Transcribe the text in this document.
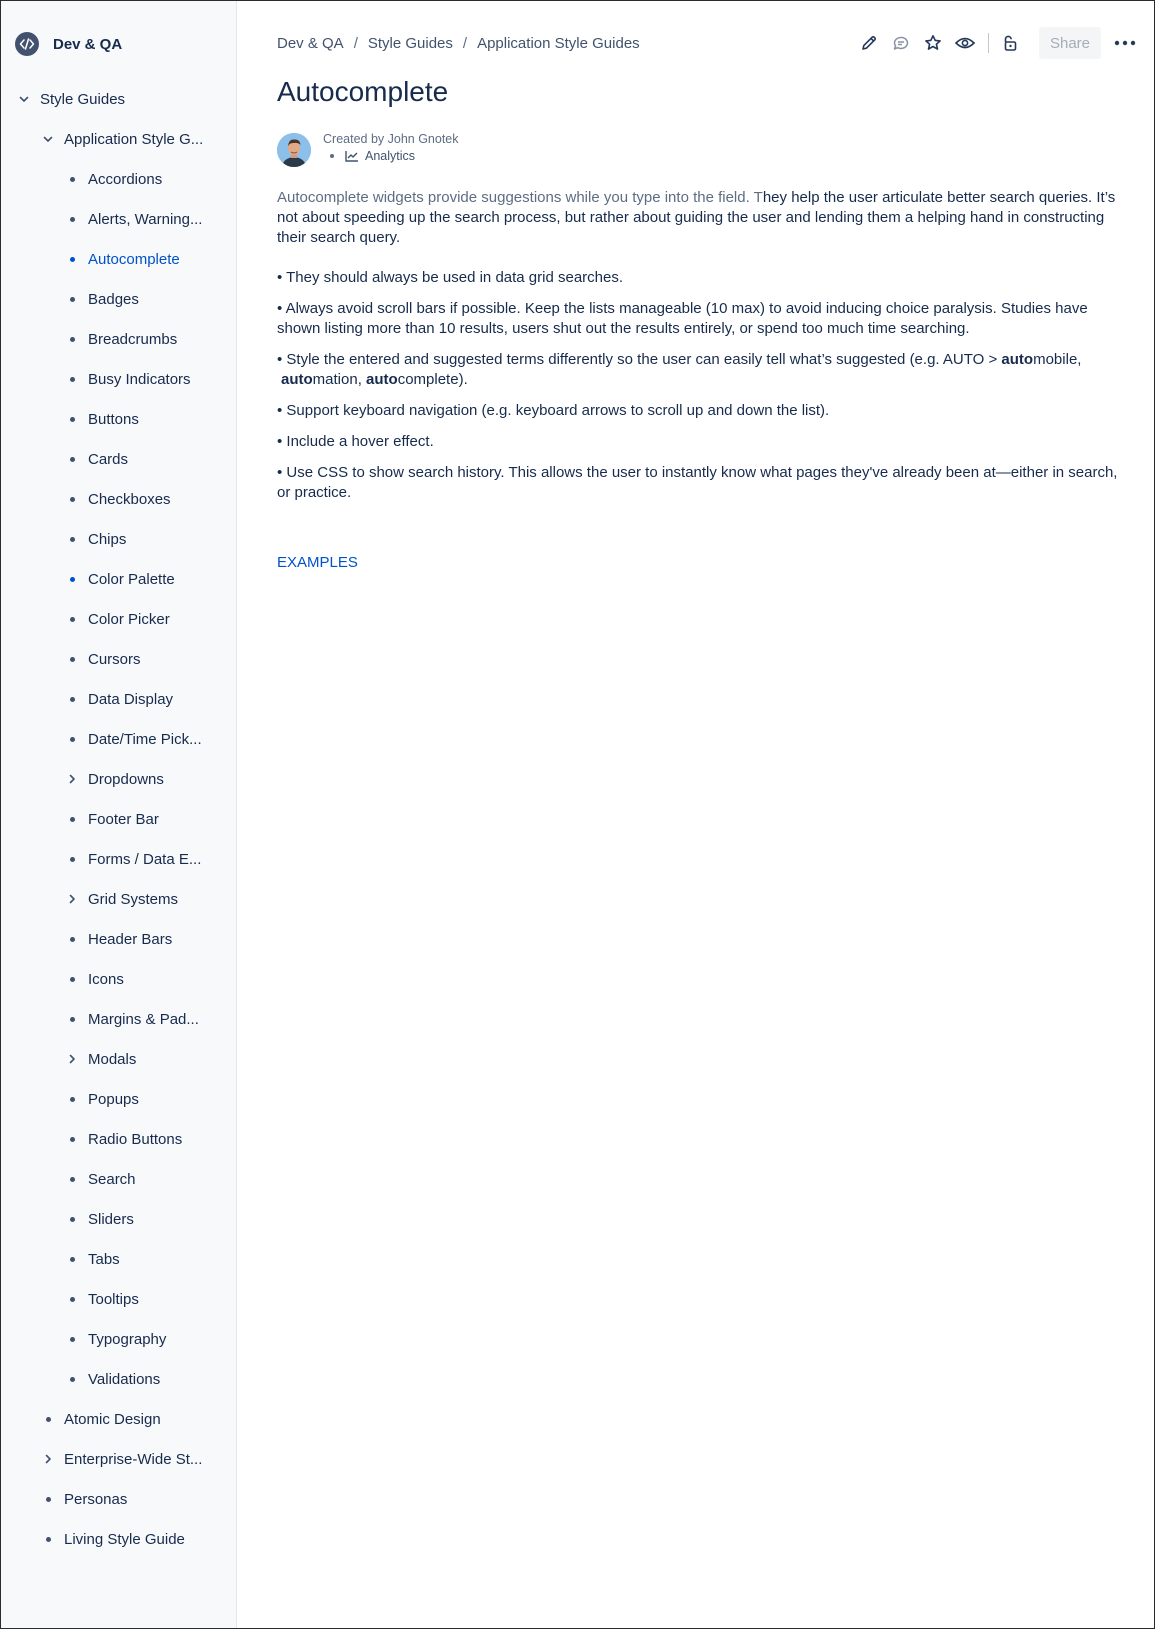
Dev & QA
Style Guides
Application Style G...
Accordions
Alerts, Warning...
Autocomplete
Badges
Breadcrumbs
Busy Indicators
Buttons
Cards
Checkboxes
Chips
Color Palette
Color Picker
Cursors
Data Display
Date/Time Pick...
Dropdowns
Footer Bar
Forms / Data E...
Grid Systems
Header Bars
Icons
Margins & Pad...
Modals
Popups
Radio Buttons
Search
Sliders
Tabs
Tooltips
Typography
Validations
Atomic Design
Enterprise-Wide St...
Personas
Living Style Guide
Dev & QA / Style Guides / Application Style Guides	Share
Autocomplete
Created by John Gnotek
Analytics

Autocomplete widgets provide suggestions while you type into the field. They help the user articulate better search queries. It’s not about speeding up the search process, but rather about guiding the user and lending them a helping hand in constructing their search query.

• They should always be used in data grid searches.

• Always avoid scroll bars if possible. Keep the lists manageable (10 max) to avoid inducing choice paralysis. Studies have shown listing more than 10 results, users shut out the results entirely, or spend too much time searching.

• Style the entered and suggested terms differently so the user can easily tell what’s suggested (e.g. AUTO > automobile,
automation, autocomplete).

• Support keyboard navigation (e.g. keyboard arrows to scroll up and down the list).

• Include a hover effect.

• Use CSS to show search history. This allows the user to instantly know what pages they've already been at—either in search, or practice.

EXAMPLES
